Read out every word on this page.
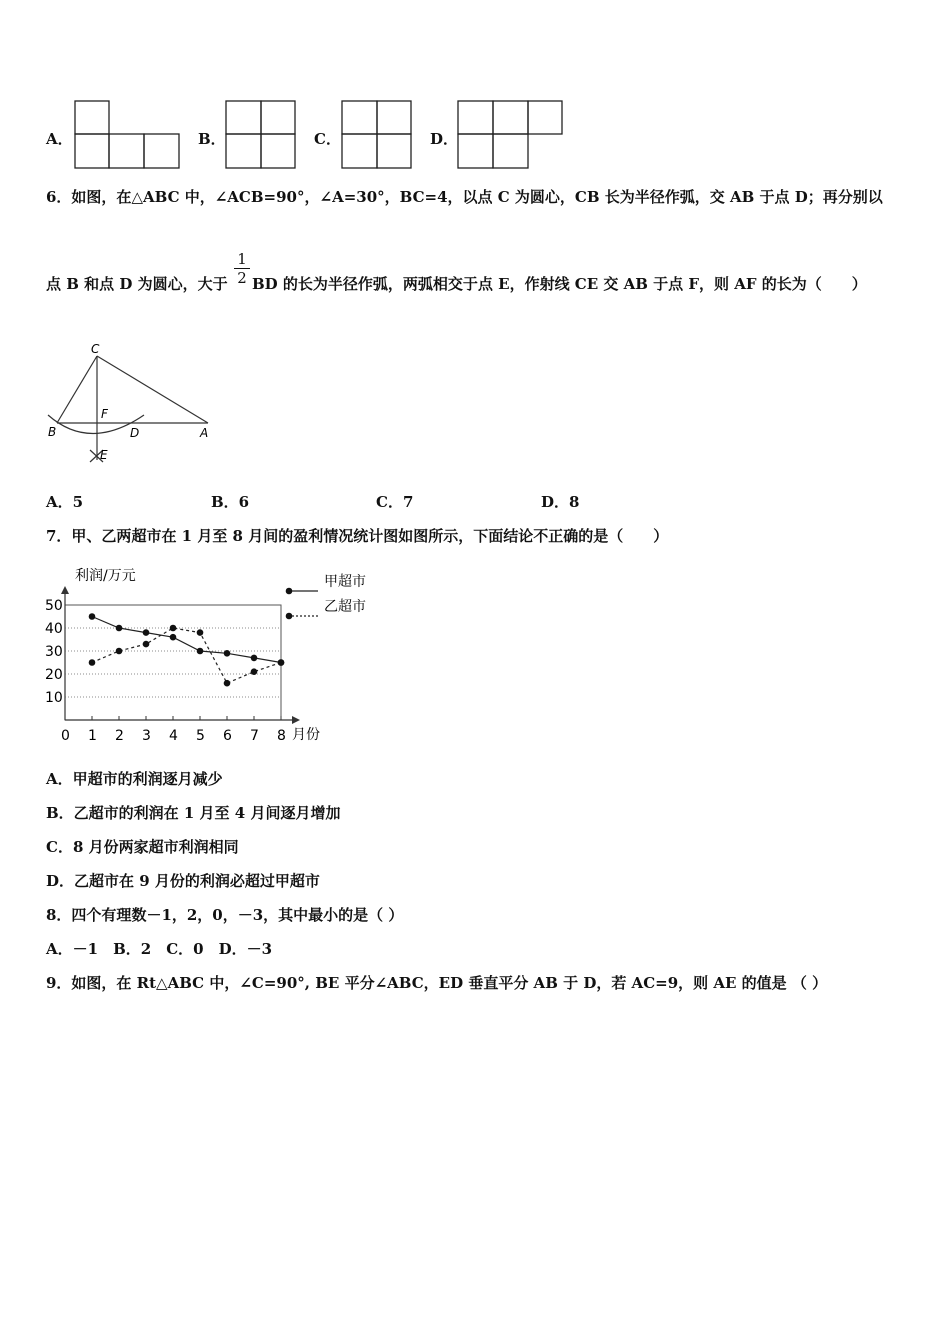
A．	B．	C．	D．
6．如图，在△ABC 中，∠ACB=90°，∠A=30°，BC=4，以点 C 为圆心，CB 长为半径作弧，交 AB 于点 D；再分别以
点 B 和点 D 为圆心，大于 $\frac{1}{2}$ BD 的长为半径作弧，两弧相交于点 E，作射线 CE 交 AB 于点 F，则 AF 的长为（　　）
C
B
F
D	A
E
A．5	B．6	C．7	D．8
7．甲、乙两超市在 1 月至 8 月间的盈利情况统计图如图所示，下面结论不正确的是（　　）
利润/万元
月份
10
20
30
40
50
0 1 2 3 4 5 6 7 8
甲超市
乙超市
A．甲超市的利润逐月减少
B．乙超市的利润在 1 月至 4 月间逐月增加
C．8 月份两家超市利润相同
D．乙超市在 9 月份的利润必超过甲超市
8．四个有理数－1，2，0，－3，其中最小的是（ ）
A．－1　B．2　C．0　D．－3
9．如图，在 Rt△ABC 中，∠C=90°, BE 平分∠ABC，ED 垂直平分 AB 于 D，若 AC=9，则 AE 的值是 （ ）
